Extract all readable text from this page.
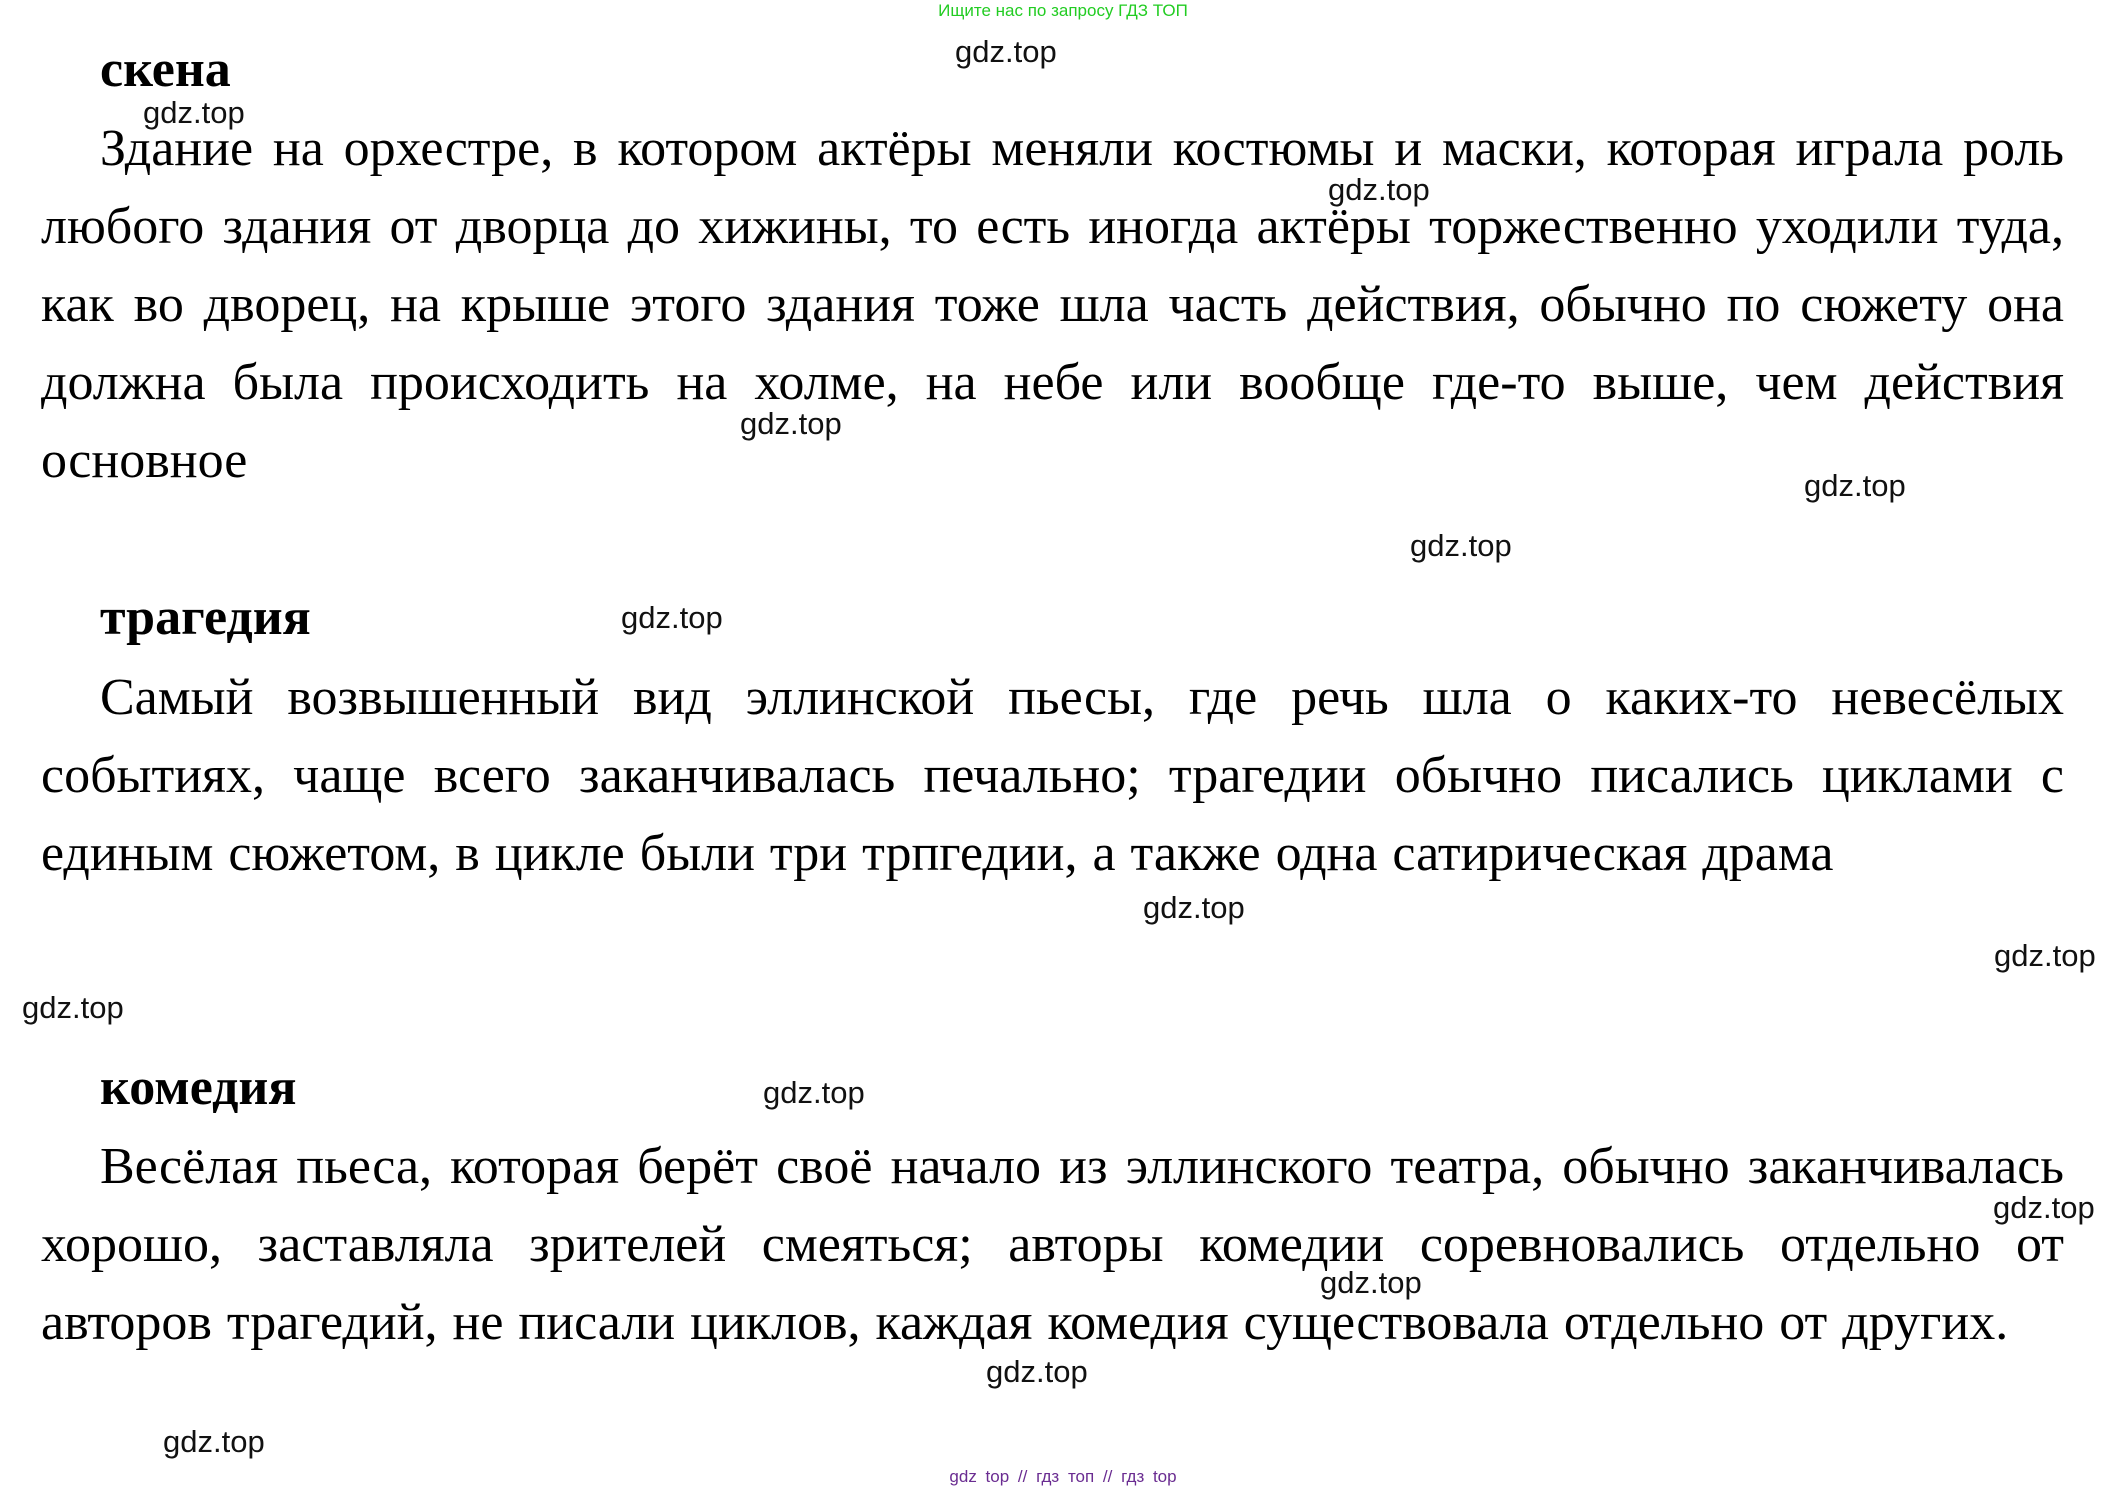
Ищите нас по запросу ГДЗ ТОП
скена

Здание на орхестре, в котором актёры меняли костюмы и маски, которая играла роль любого здания от дворца до хижины, то есть иногда актёры торжественно уходили туда, как во дворец, на крыше этого здания тоже шла часть действия, обычно по сюжету она должна была происходить на холме, на небе или вообще где-то выше, чем действия основное

трагедия

Самый возвышенный вид эллинской пьесы, где речь шла о каких-то невесёлых событиях, чаще всего заканчивалась печально; трагедии обычно писались циклами с единым сюжетом, в цикле были три трпгедии, а также одна сатирическая драма

комедия

Весёлая пьеса, которая берёт своё начало из эллинского театра, обычно заканчивалась хорошо, заставляла зрителей смеяться; авторы комедии соревновались отдельно от авторов трагедий, не писали циклов, каждая комедия существовала отдельно от других.

gdz.top
gdz.top
gdz.top
gdz.top
gdz.top
gdz.top
gdz.top
gdz.top
gdz.top
gdz.top
gdz.top
gdz.top
gdz.top
gdz.top
gdz.top
gdz top // гдз топ // гдз top
